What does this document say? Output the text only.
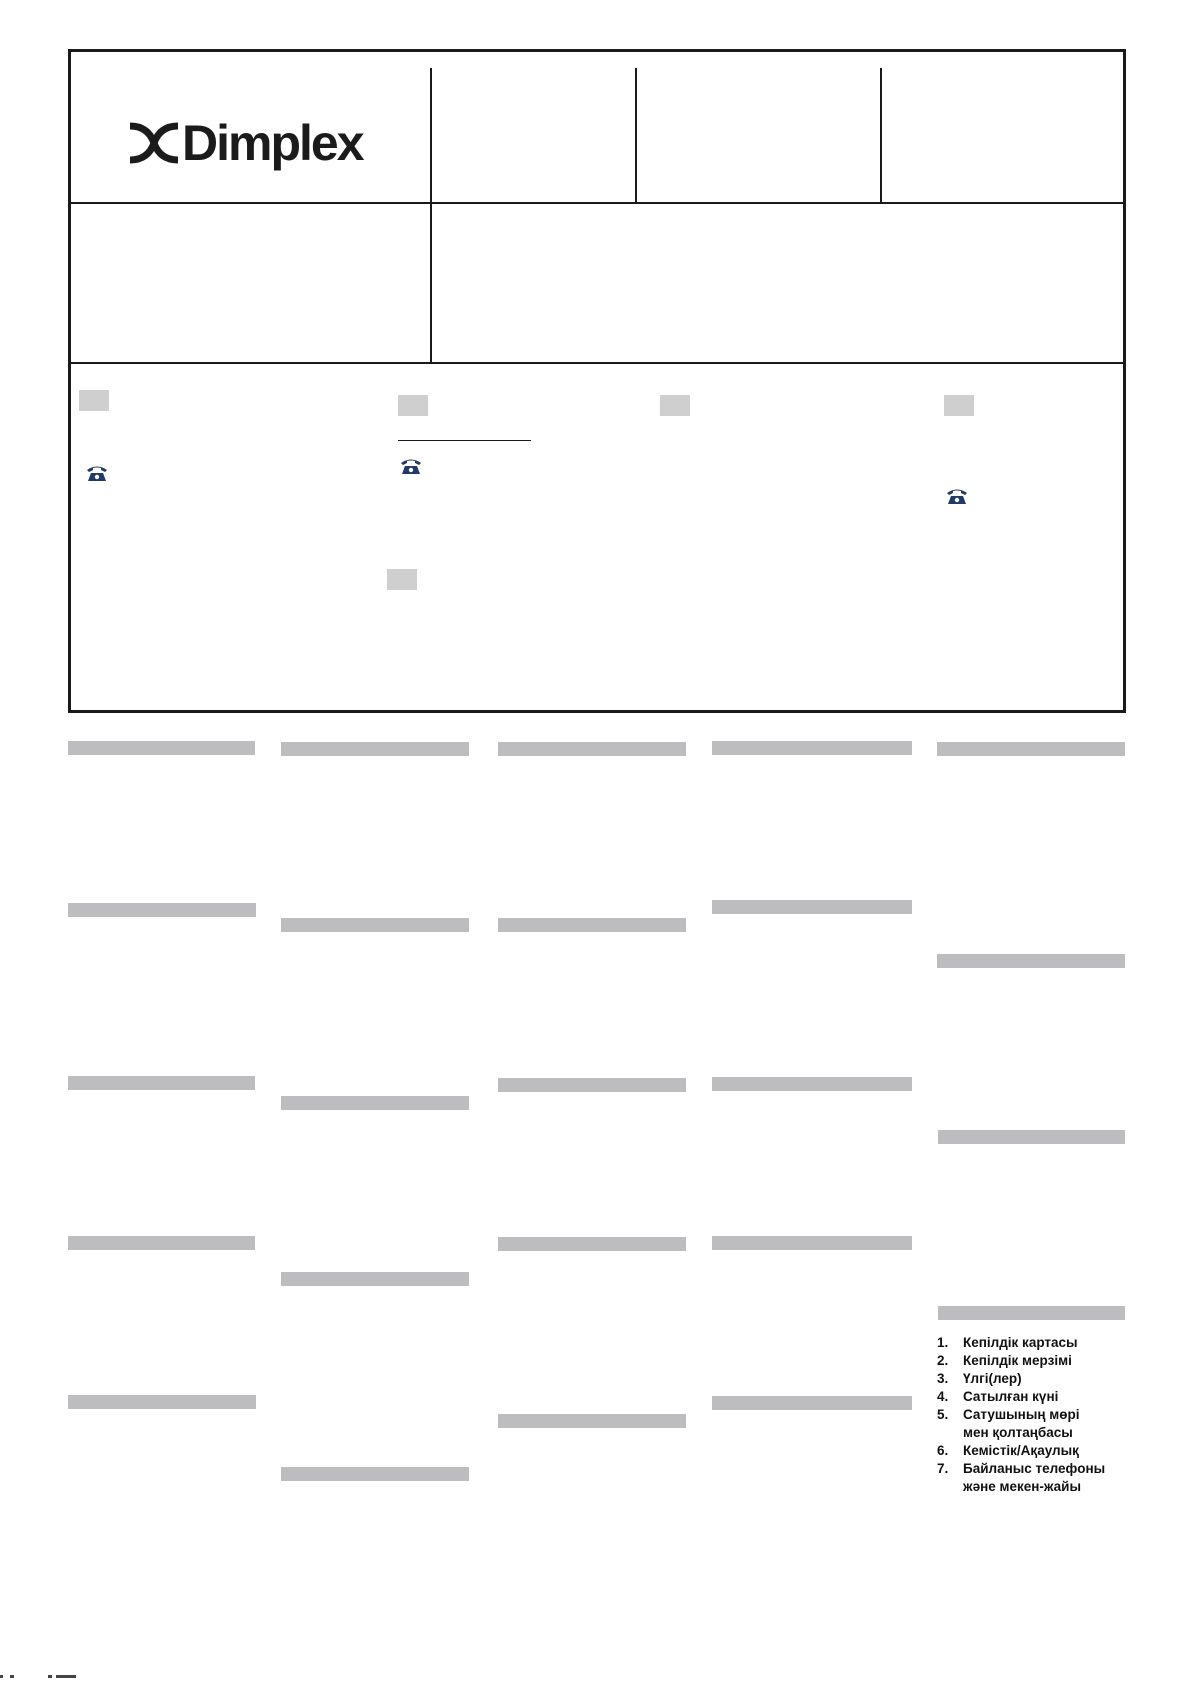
Dimplex
1.	Кепілдік картасы
2.	Кепілдік мерзімі
3.	Үлгі(лер)
4.	Сатылған күні
5.	Сатушының мөрі
мен қолтаңбасы
6.	Кемістік/Ақаулық
7.	Байланыс телефоны
және мекен-жайы
